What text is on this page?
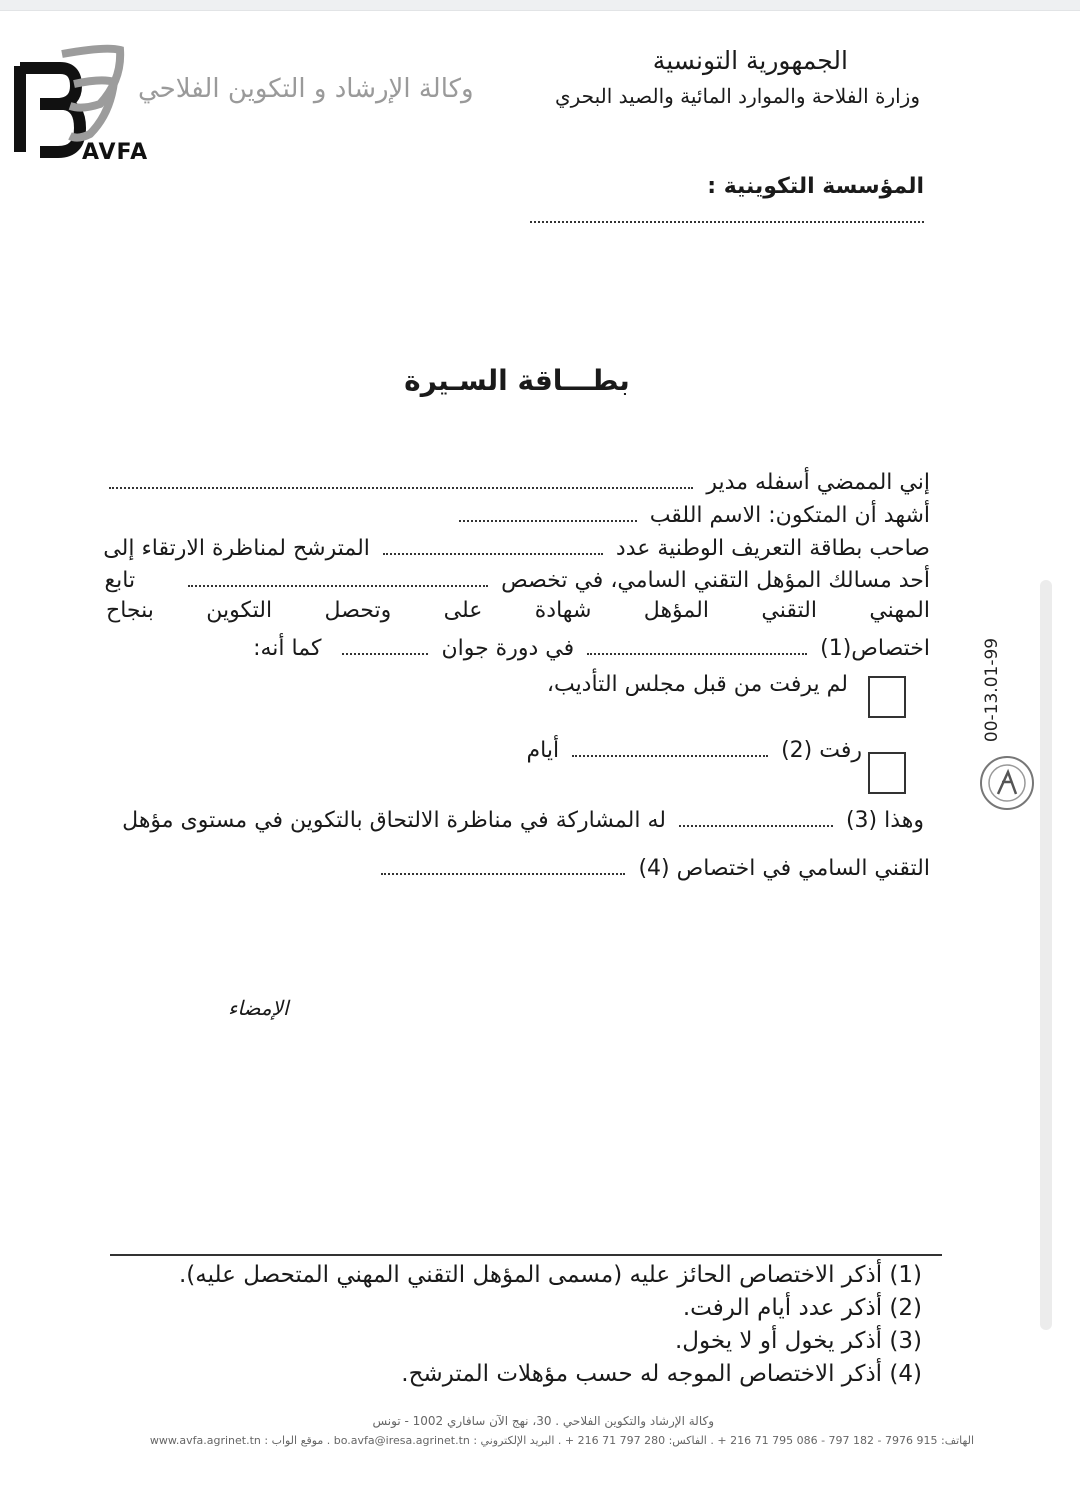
AVFA
وكالة الإرشاد و التكوين الفلاحي
الجمهورية التونسية
وزارة الفلاحة والموارد المائية والصيد البحري
المؤسسة التكوينية :
بطـــاقة السـيرة
إني الممضي أسفله مدير
أشهد أن المتكون: الاسم اللقب
صاحب بطاقة التعريف الوطنية عدد  المترشح لمناظرة الارتقاء إلى
أحد مسالك المؤهل التقني السامي، في تخصص  تابع
بنجاح التكوين وتحصل على شهادة المؤهل التقني المهني
اختصاص(1)  في دورة جوان  كما أنه:
لم يرفت من قبل مجلس التأديب،
رفت (2)  أيام
وهذا (3)  له المشاركة في مناظرة الالتحاق بالتكوين في مستوى مؤهل
التقني السامي في اختصاص (4)
الإمضاء
00-13.01-99
(1) أذكر الاختصاص الحائز عليه (مسمى المؤهل التقني المهني المتحصل عليه).
(2) أذكر عدد أيام الرفت.
(3) أذكر يخول أو لا يخول.
(4) أذكر الاختصاص الموجه له حسب مؤهلات المترشح.
وكالة الإرشاد والتكوين الفلاحي . 30، نهج الآن سافاري 1002 - تونس
الهاتف: 915 7976 - 182 797 - 086 795 71 216 + . الفاكس: 280 797 71 216 + . البريد الإلكتروني : bo.avfa@iresa.agrinet.tn . موقع الواب : www.avfa.agrinet.tn
